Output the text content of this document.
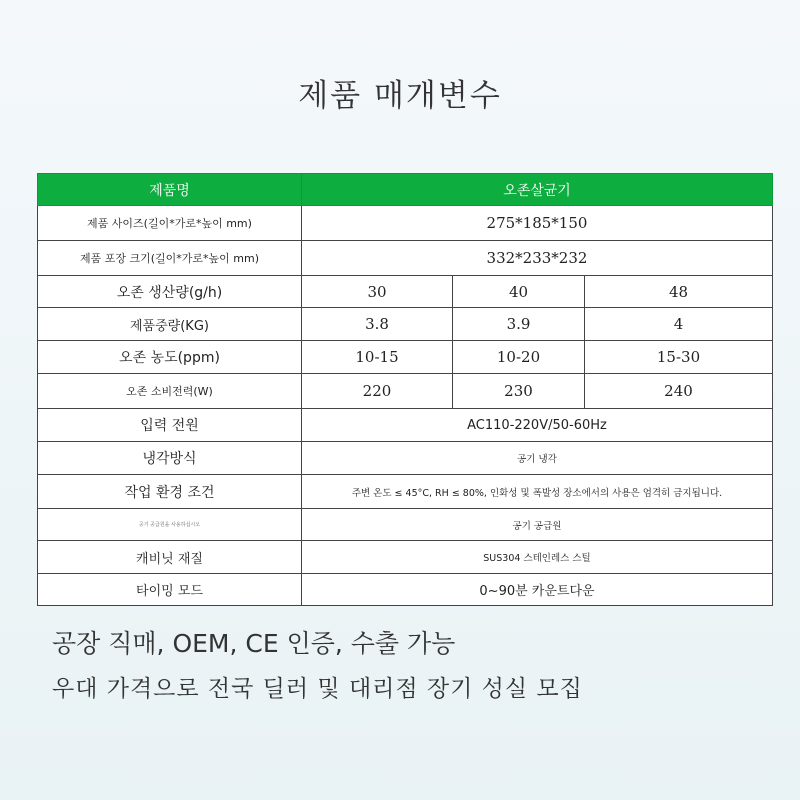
제품 매개변수
제품명	오존살균기		
제품 사이즈(길이*가로*높이 mm)	275*185*150		
제품 포장 크기(길이*가로*높이 mm)	332*233*232		
오존 생산량(g/h)	30	40	48
제품중량(KG)	3.8	3.9	4
오존 농도(ppm)	10-15	10-20	15-30
오존 소비전력(W)	220	230	240
입력 전원	AC110-220V/50-60Hz		
냉각방식	공기 냉각		
작업 환경 조건	주변 온도 ≤ 45°C, RH ≤ 80%, 인화성 및 폭발성 장소에서의 사용은 엄격히 금지됩니다.		
공기 공급원을 사용하십시오	공기 공급원		
캐비닛 재질	SUS304 스테인레스 스틸		
타이밍 모드	0~90분 카운트다운		
공장 직매, OEM, CE 인증, 수출 가능
우대 가격으로 전국 딜러 및 대리점 장기 성실 모집
